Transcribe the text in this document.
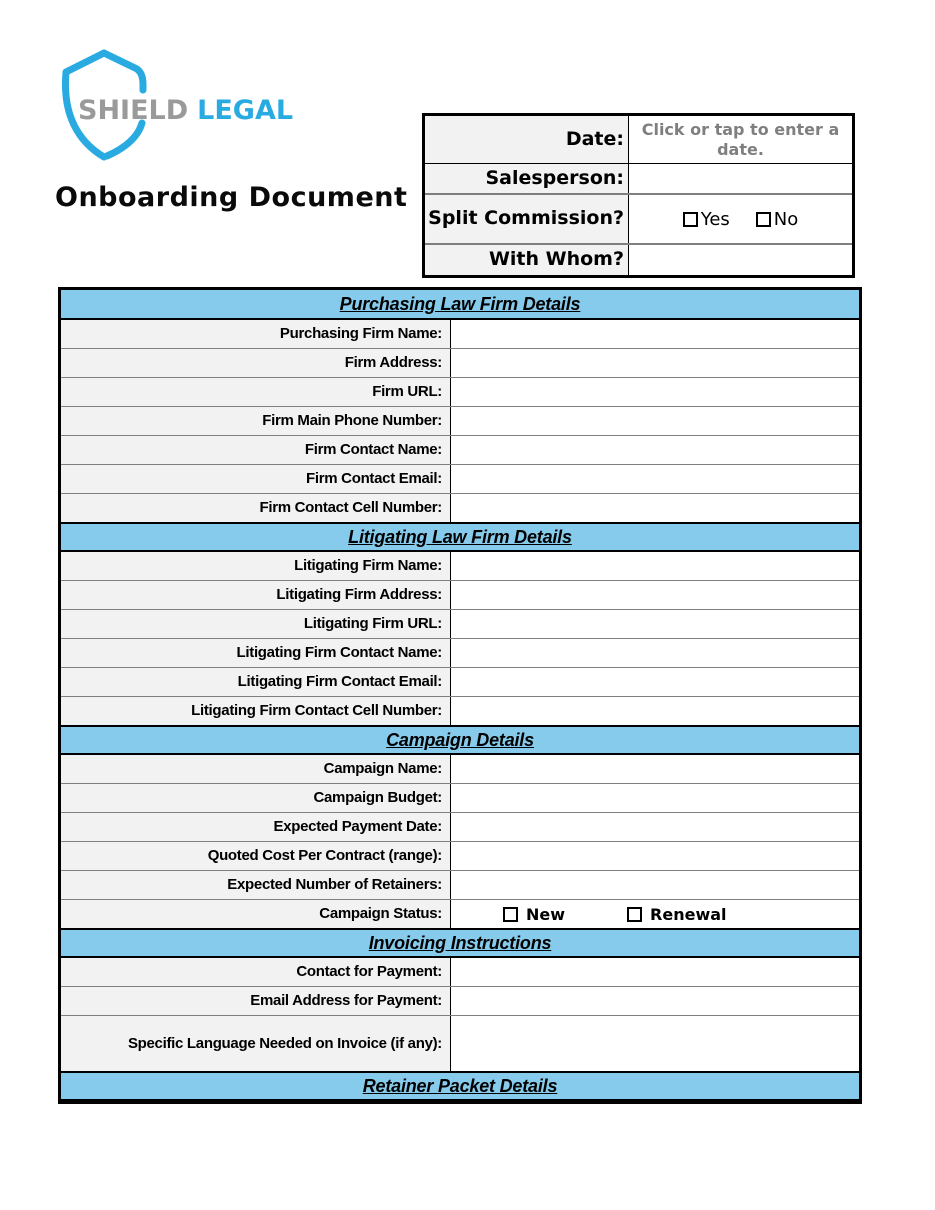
SHIELD LEGAL
Onboarding Document
Date:	Click or tap to enter a date.
Salesperson:
Split Commission?	Yes No
With Whom?
Purchasing Law Firm Details
Purchasing Firm Name:
Firm Address:
Firm URL:
Firm Main Phone Number:
Firm Contact Name:
Firm Contact Email:
Firm Contact Cell Number:
Litigating Law Firm Details
Litigating Firm Name:
Litigating Firm Address:
Litigating Firm URL:
Litigating Firm Contact Name:
Litigating Firm Contact Email:
Litigating Firm Contact Cell Number:
Campaign Details
Campaign Name:
Campaign Budget:
Expected Payment Date:
Quoted Cost Per Contract (range):
Expected Number of Retainers:
Campaign Status:	New	Renewal
Invoicing Instructions
Contact for Payment:
Email Address for Payment:
Specific Language Needed on Invoice (if any):
Retainer Packet Details
